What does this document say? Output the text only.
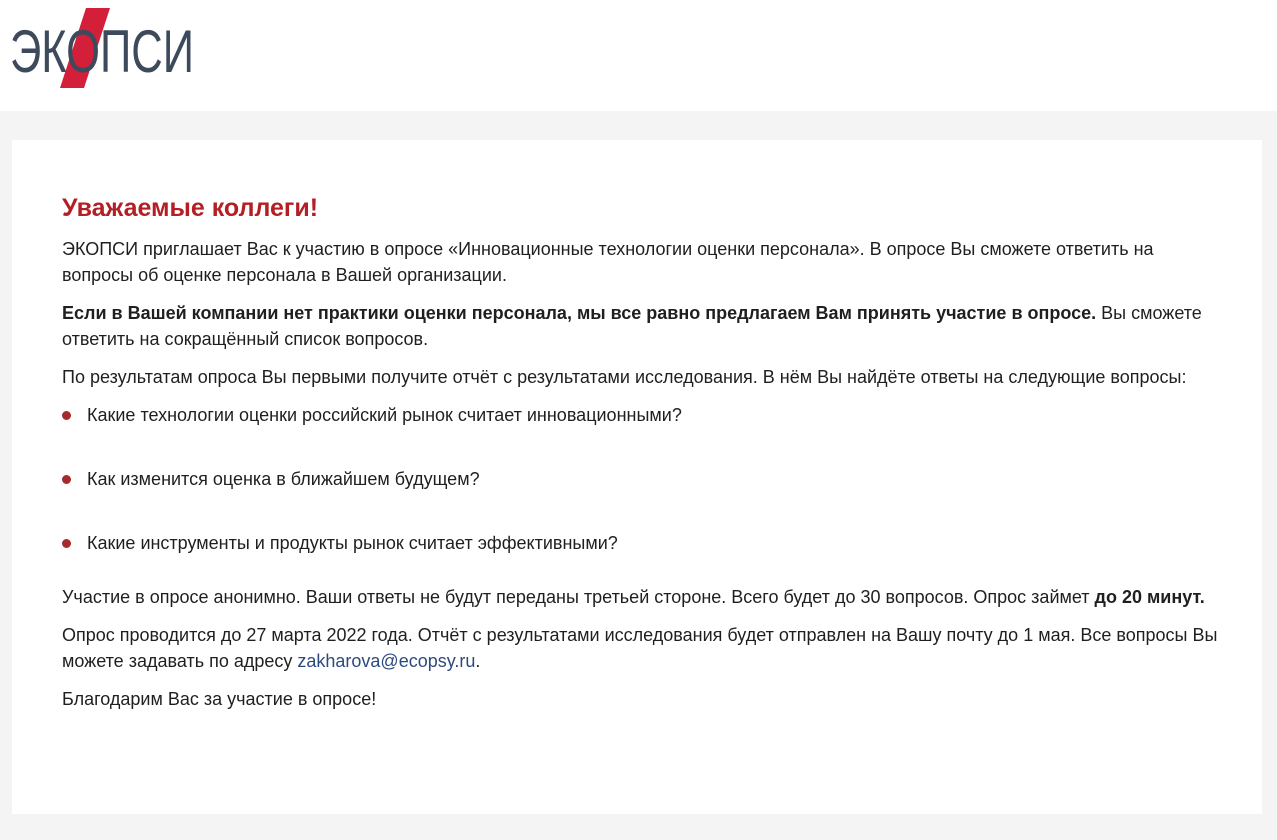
ЭКОПСИ
Уважаемые коллеги!

ЭКОПСИ приглашает Вас к участию в опросе «Инновационные технологии оценки персонала». В опросе Вы сможете ответить на вопросы об оценке персонала в Вашей организации.

Если в Вашей компании нет практики оценки персонала, мы все равно предлагаем Вам принять участие в опросе. Вы сможете ответить на сокращённый список вопросов.

По результатам опроса Вы первыми получите отчёт с результатами исследования. В нём Вы найдёте ответы на следующие вопросы:

Какие технологии оценки российский рынок считает инновационными?
Как изменится оценка в ближайшем будущем?
Какие инструменты и продукты рынок считает эффективными?

Участие в опросе анонимно. Ваши ответы не будут переданы третьей стороне. Всего будет до 30 вопросов. Опрос займет до 20 минут.

Опрос проводится до 27 марта 2022 года. Отчёт с результатами исследования будет отправлен на Вашу почту до 1 мая. Все вопросы Вы можете задавать по адресу zakharova@ecopsy.ru.

Благодарим Вас за участие в опросе!
